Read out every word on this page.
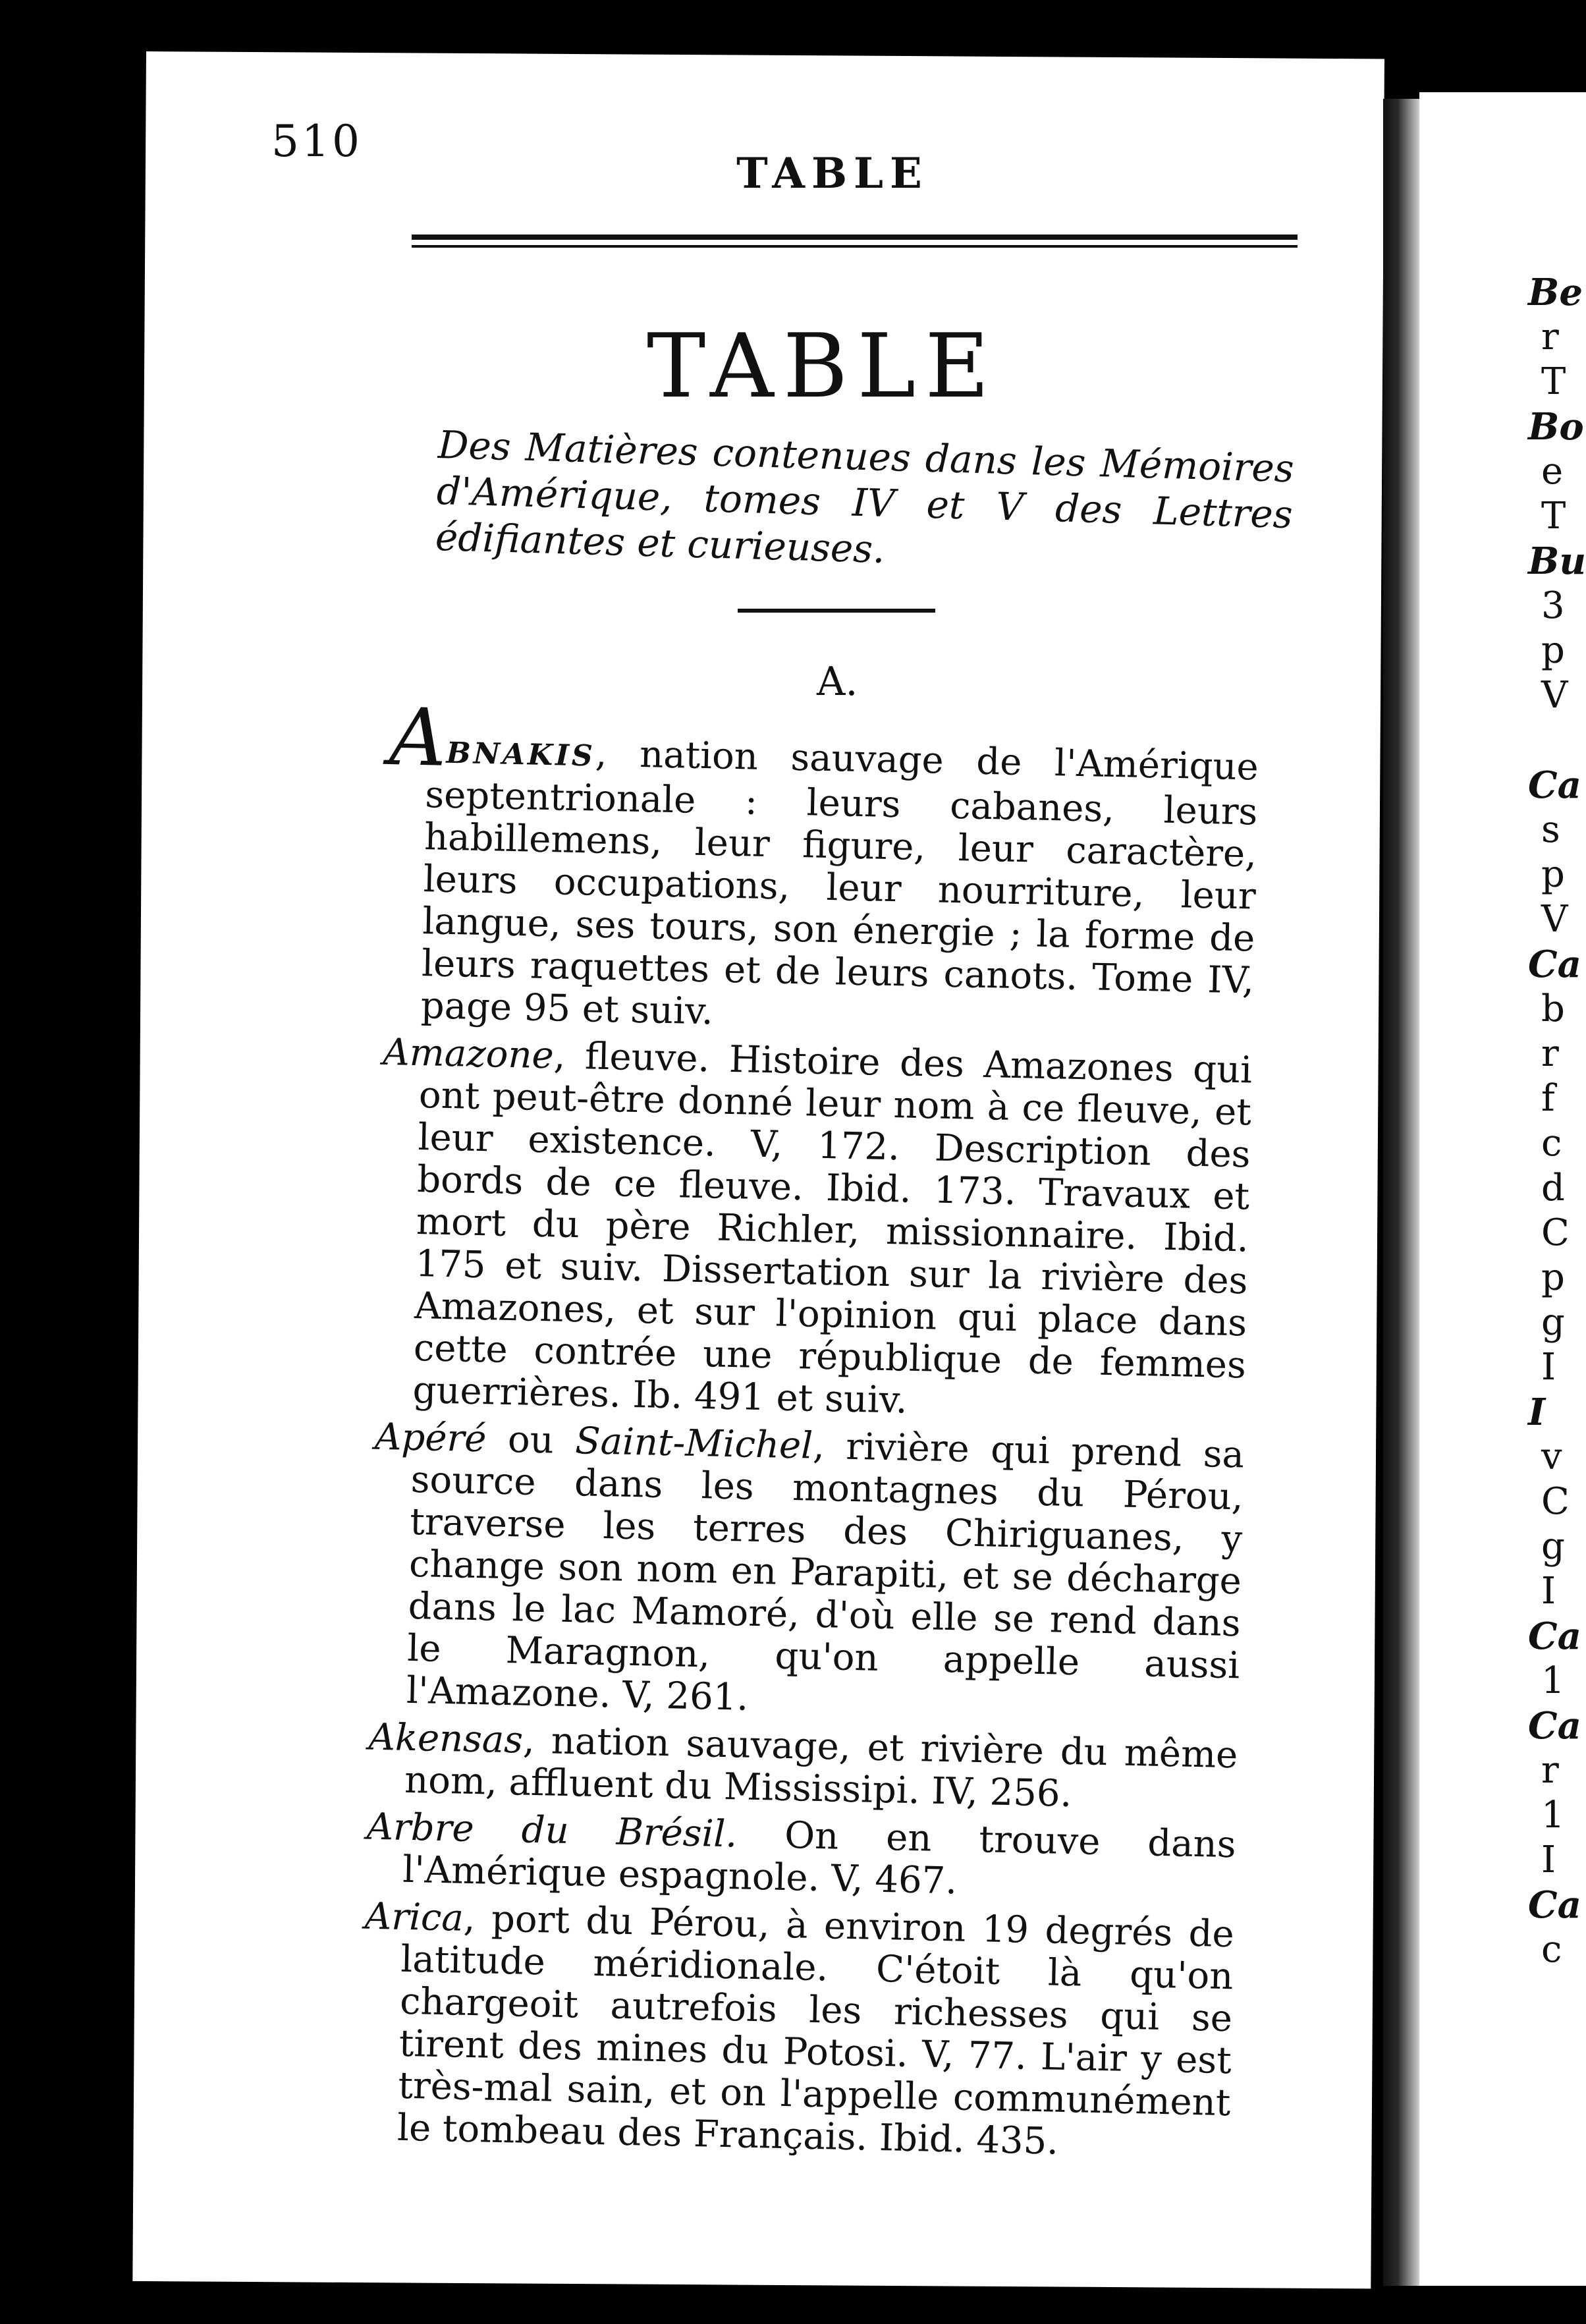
Be
r
T
Bo
e
T
Bu
3
p
V

Ca
s
p
V
Ca
b
r
f
c
d
C
p
g
I
I
v
C
g
I
Ca
1
Ca
r
1
I
Ca
c
510
TABLE
TABLE
Des Matières contenues dans les Mémoires d'Amérique, tomes IV et V des Lettres édifiantes et curieuses.
A.

ABNAKIS, nation sauvage de l'Amérique septentrionale : leurs cabanes, leurs habillemens, leur figure, leur caractère, leurs occupations, leur nourriture, leur langue, ses tours, son énergie ; la forme de leurs raquettes et de leurs canots. Tome IV, page 95 et suiv.

Amazone, fleuve. Histoire des Amazones qui ont peut-être donné leur nom à ce fleuve, et leur existence. V, 172. Description des bords de ce fleuve. Ibid. 173. Travaux et mort du père Richler, missionnaire. Ibid. 175 et suiv. Dissertation sur la rivière des Amazones, et sur l'opinion qui place dans cette contrée une république de femmes guerrières. Ib. 491 et suiv.

Apéré ou Saint-Michel, rivière qui prend sa source dans les montagnes du Pérou, traverse les terres des Chiriguanes, y change son nom en Parapiti, et se décharge dans le lac Mamoré, d'où elle se rend dans le Maragnon, qu'on appelle aussi l'Amazone. V, 261.

Akensas, nation sauvage, et rivière du même nom, affluent du Mississipi. IV, 256.

Arbre du Brésil. On en trouve dans l'Amérique espagnole. V, 467.

Arica, port du Pérou, à environ 19 degrés de latitude méridionale. C'étoit là qu'on chargeoit autrefois les richesses qui se tirent des mines du Potosi. V, 77. L'air y est très-mal sain, et on l'appelle communément le tombeau des Français. Ibid. 435.
